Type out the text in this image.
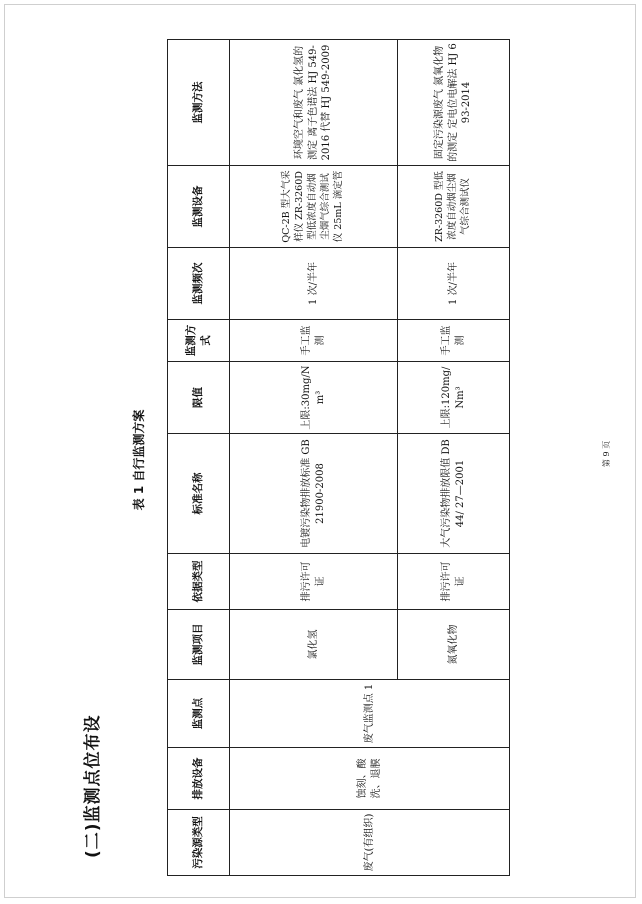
(二)监测点位布设
表 1 自行监测方案	第 9 页
污染源类型	排放设备	监测点	监测项目	依据类型	标准名称	限值	监测方式	监测频次	监测设备	监测方法
废气(有组织)	蚀刻、酸洗、退膜	废气监测点 1	氯化氢	排污许可证	电镀污染物排放标准 GB 21900-2008	上限:30mg/Nm³	手工监测	1 次/半年	QC-2B 型大气采样仪 ZR-3260D 型低浓度自动烟尘烟气综合测试仪 25mL 滴定管	环境空气和废气 氯化氢的测定 离子色谱法 HJ 549-2016 代替 HJ 549-2009
			氮氧化物	排污许可证	大气污染物排放限值 DB44/ 27—2001	上限:120mg/Nm³	手工监测	1 次/半年	ZR-3260D 型低浓度自动烟尘烟气综合测试仪	固定污染源废气 氮氧化物的测定 定电位电解法 HJ 693-2014
